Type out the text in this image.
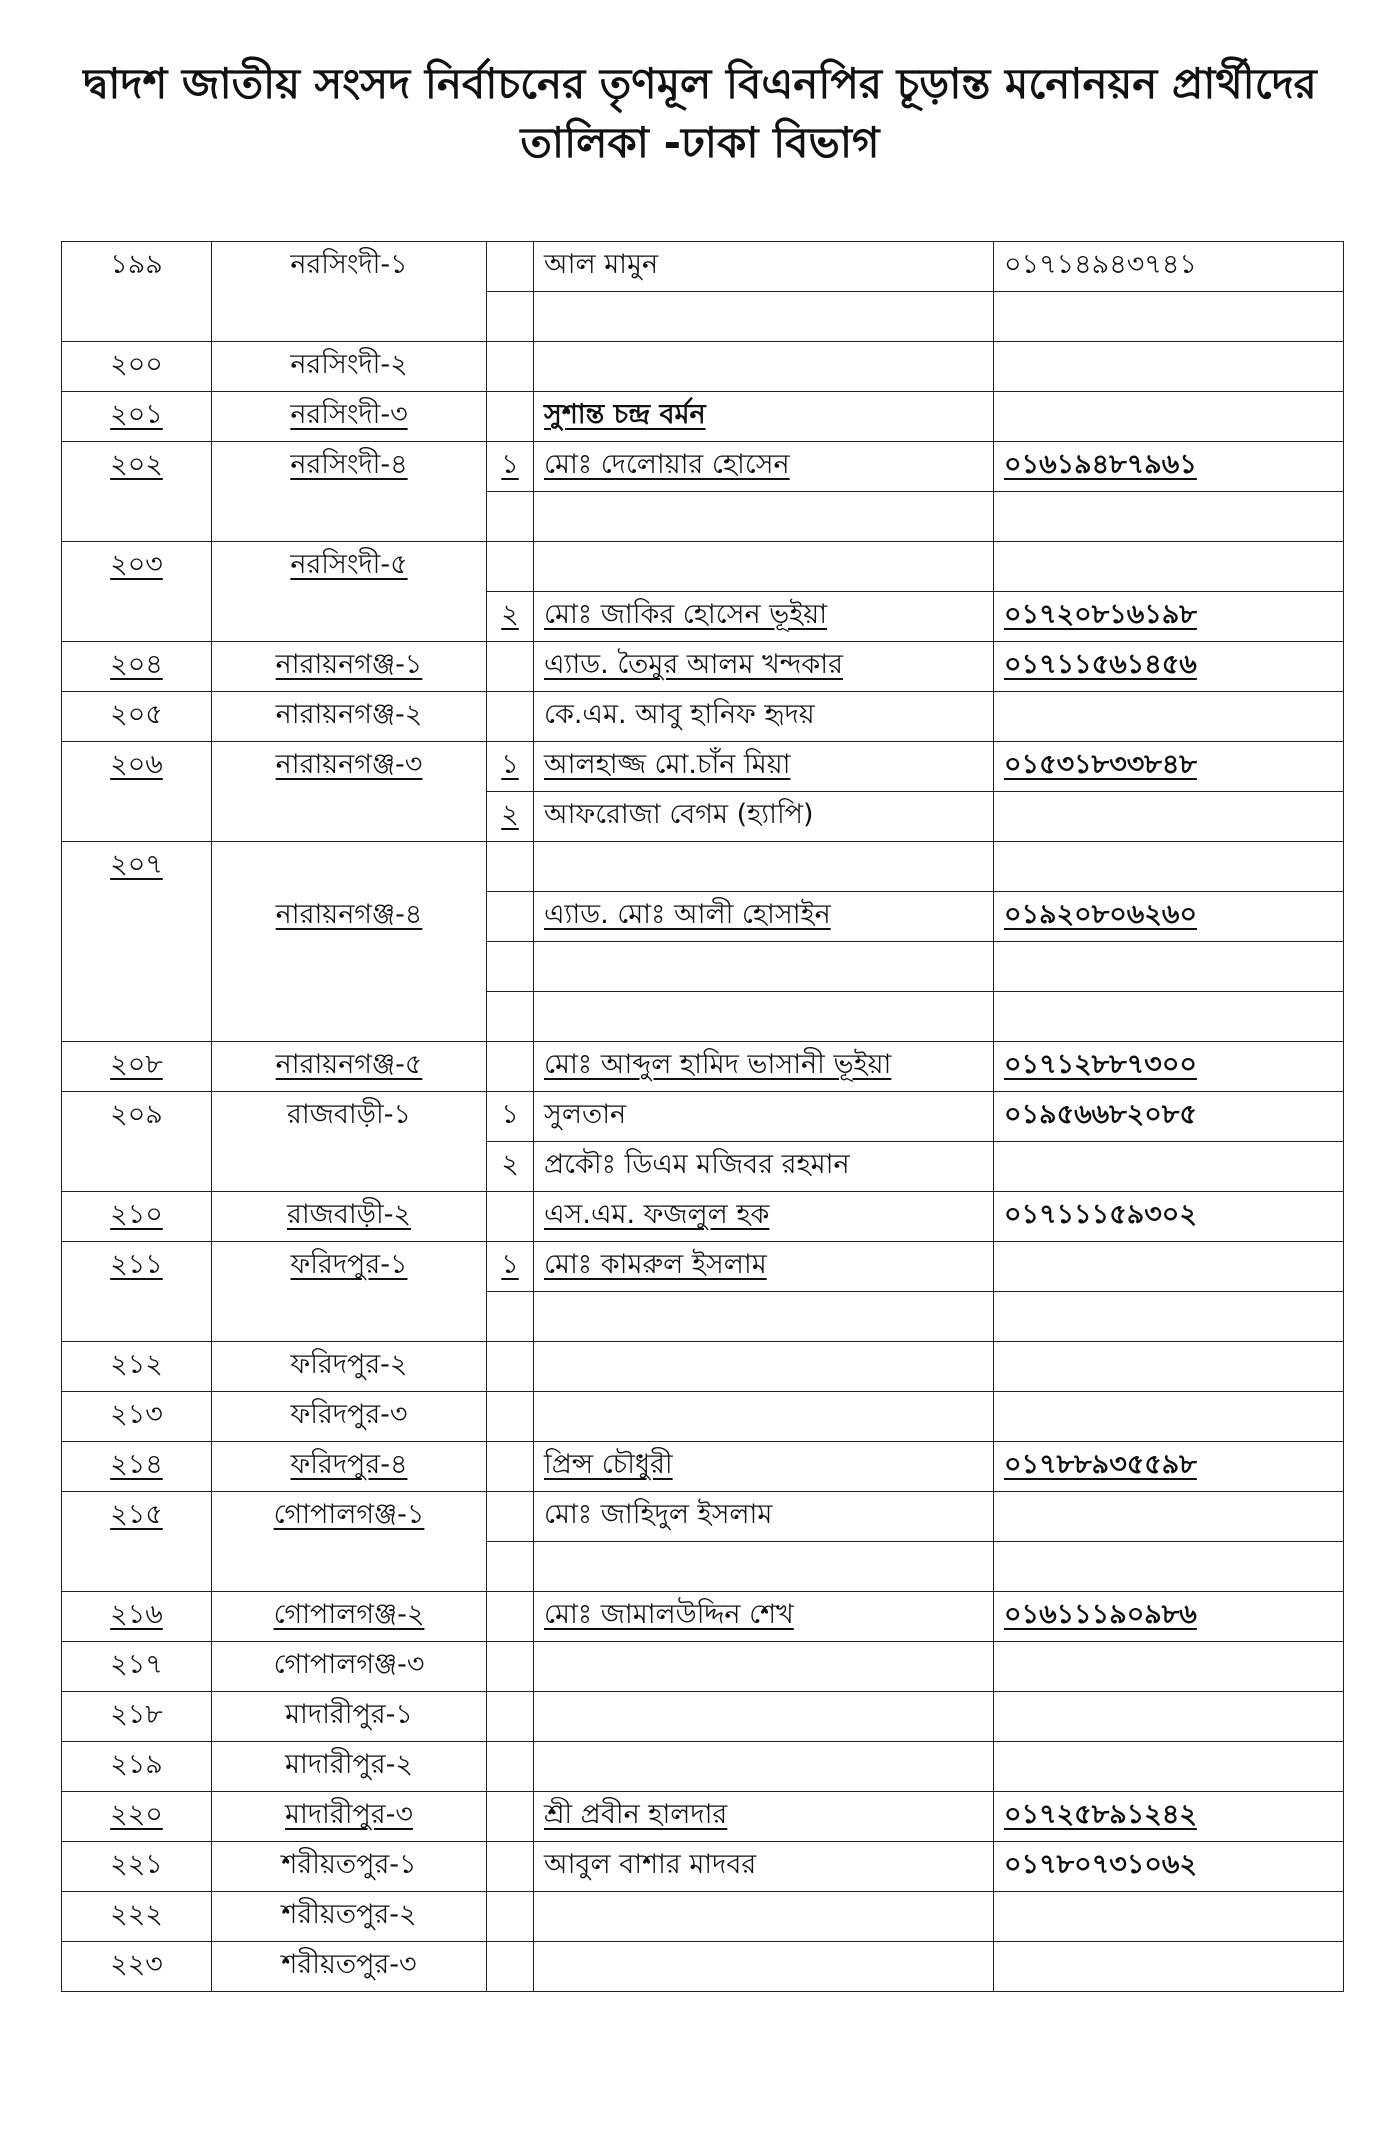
দ্বাদশ জাতীয় সংসদ নির্বাচনের তৃণমূল বিএনপির চূড়ান্ত মনোনয়ন প্রার্থীদের
তালিকা -ঢাকা বিভাগ
১৯৯	নরসিংদী-১		আল মামুন	০১৭১৪৯৪৩৭৪১

২০০	নরসিংদী-২			
২০১	নরসিংদী-৩		সুশান্ত চন্দ্র বর্মন	
২০২	নরসিংদী-৪	১	মোঃ দেলোয়ার হোসেন	০১৬১৯৪৮৭৯৬১

২০৩	নরসিংদী-৫			
		২	মোঃ জাকির হোসেন ভূইয়া	০১৭২০৮১৬১৯৮
২০৪	নারায়নগঞ্জ-১		এ্যাড. তৈমুর আলম খন্দকার	০১৭১১৫৬১৪৫৬
২০৫	নারায়নগঞ্জ-২		কে.এম. আবু হানিফ হৃদয়	
২০৬	নারায়নগঞ্জ-৩	১	আলহাজ্জ মো.চাঁন মিয়া	০১৫৩১৮৩৩৮৪৮
		২	আফরোজা বেগম (হ্যাপি)	
২০৭				
	নারায়নগঞ্জ-৪		এ্যাড. মোঃ আলী হোসাইন	০১৯২০৮০৬২৬০

২০৮	নারায়নগঞ্জ-৫		মোঃ আব্দুল হামিদ ভাসানী ভূইয়া	০১৭১২৮৮৭৩০০
২০৯	রাজবাড়ী-১	১	সুলতান	০১৯৫৬৬৮২০৮৫
		২	প্রকৌঃ ডিএম মজিবর রহমান	
২১০	রাজবাড়ী-২		এস.এম. ফজলুল হক	০১৭১১১৫৯৩০২
২১১	ফরিদপুর-১	১	মোঃ কামরুল ইসলাম	

২১২	ফরিদপুর-২			
২১৩	ফরিদপুর-৩			
২১৪	ফরিদপুর-৪		প্রিন্স চৌধুরী	০১৭৮৮৯৩৫৫৯৮
২১৫	গোপালগঞ্জ-১		মোঃ জাহিদুল ইসলাম	

২১৬	গোপালগঞ্জ-২		মোঃ জামালউদ্দিন শেখ	০১৬১১১৯০৯৮৬
২১৭	গোপালগঞ্জ-৩			
২১৮	মাদারীপুর-১			
২১৯	মাদারীপুর-২			
২২০	মাদারীপুর-৩		শ্রী প্রবীন হালদার	০১৭২৫৮৯১২৪২
২২১	শরীয়তপুর-১		আবুল বাশার মাদবর	০১৭৮০৭৩১০৬২
২২২	শরীয়তপুর-২			
২২৩	শরীয়তপুর-৩			
